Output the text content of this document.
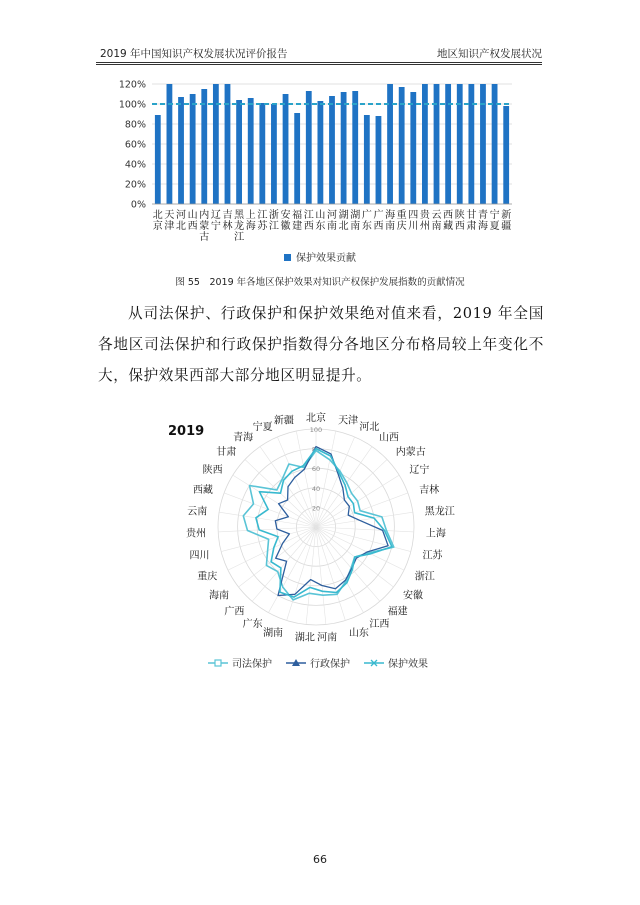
2019 年中国知识产权发展状况评价报告	地区知识产权发展状况
0%
20%
40%
60%
80%
100%
120%
北京
天津
河北
山西
内蒙古
辽宁
吉林
黑龙江
上海
江苏
浙江
安徽
福建
江西
山东
河南
湖北
湖南
广东
广西
海南
重庆
四川
贵州
云南
西藏
陕西
甘肃
青海
宁夏
新疆
保护效果贡献
图 55　2019 年各地区保护效果对知识产权保护发展指数的贡献情况
从司法保护、行政保护和保护效果绝对值来看，2019 年全国各地区司法保护和行政保护指数得分各地区分布格局较上年变化不大，保护效果西部大部分地区明显提升。
2019
20
40
60
80
100
北京 天津
河北
山西
内蒙古
辽宁
吉林
黑龙江
上海
江苏
浙江
安徽
福建
江西
山东
河南
湖北
湖南
广东
广西
海南
重庆
四川
贵州
云南
西藏
陕西
甘肃
青海
宁夏
新疆
司法保护	行政保护	保护效果
66
